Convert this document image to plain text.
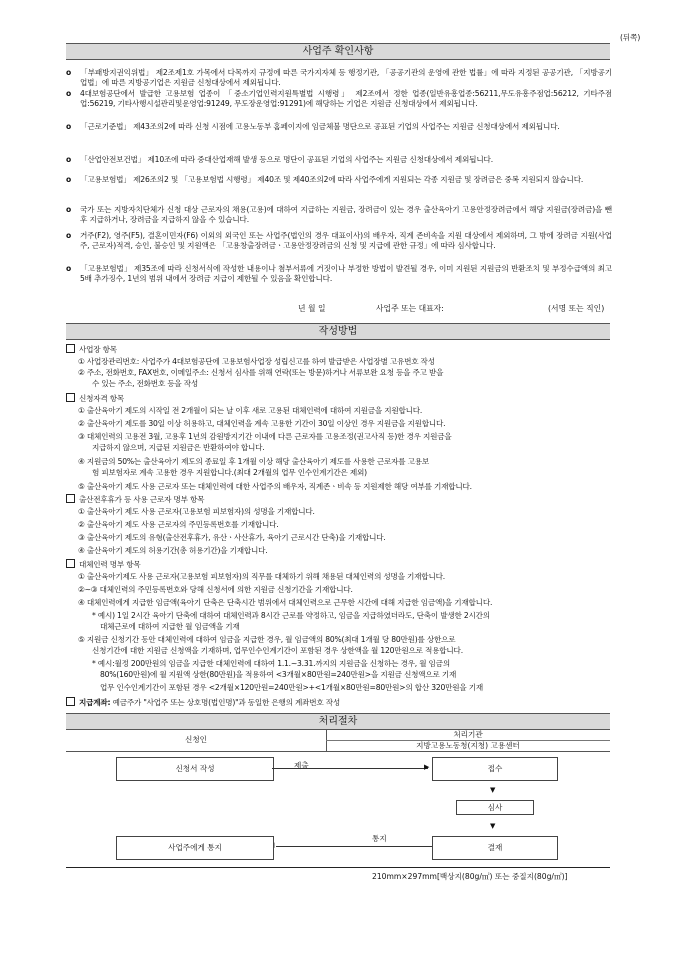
(뒤쪽)
사업주 확인사항
o 「부패방지권익위법」 제2조제1호 가목에서 다목까지 규정에 따른 국가지자체 등 행정기관, 「공공기관의 운영에 관한 법률」에 따라 지정된 공공기관, 「지방공기업법」에 따른 지방공기업은 지원금 신청대상에서 제외됩니다.
o 4대보험공단에서 발급한 고용보험 업종이 「중소기업인력지원특별법 시행령」 제2조에서 정한 업종(일반유흥업종:56211,무도유흥주점업:56212, 기타주점업:56219, 기타사행시설관리및운영업:91249, 무도장운영업:91291)에 해당하는 기업은 지원금 신청대상에서 제외됩니다.
o 「근로기준법」 제43조의2에 따라 신청 시점에 고용노동부 홈페이지에 임금체불 명단으로 공표된 기업의 사업주는 지원금 신청대상에서 제외됩니다.
o 「산업안전보건법」 제10조에 따라 중대산업재해 발생 등으로 명단이 공표된 기업의 사업주는 지원금 신청대상에서 제외됩니다.
o 「고용보험법」 제26조의2 및 「고용보험법 시행령」 제40조 및 제40조의2에 따라 사업주에게 지원되는 각종 지원금 및 장려금은 중복 지원되지 않습니다.
o 국가 또는 지방자치단체가 신청 대상 근로자의 채용(고용)에 대하여 지급하는 지원금, 장려금이 있는 경우 출산육아기 고용안정장려금에서 해당 지원금(장려금)을 뺀 후 지급하거나, 장려금을 지급하지 않을 수 있습니다.
o 거주(F2), 영주(F5), 결혼이민자(F6) 이외의 외국인 또는 사업주(법인의 경우 대표이사)의 배우자, 직계 존비속을 지원 대상에서 제외하며, 그 밖에 장려금 지원(사업주, 근로자)적격, 승인, 불승인 및 지원액은 「고용창출장려금ㆍ고용안정장려금의 신청 및 지급에 관한 규정」에 따라 심사합니다.
o 「고용보험법」 제35조에 따라 신청서식에 작성한 내용이나 첨부서류에 거짓이나 부정한 방법이 발견될 경우, 이미 지원된 지원금의 반환조치 및 부정수급액의 최고 5배 추가징수, 1년의 범위 내에서 장려금 지급이 제한될 수 있음을 확인합니다.
년 월 일	사업주 또는 대표자:	(서명 또는 직인)
작성방법
사업장 항목
① 사업장관리번호: 사업주가 4대보험공단에 고용보험사업장 성립신고를 하여 발급받은 사업장별 고유번호 작성
② 주소, 전화번호, FAX번호, 이메일주소: 신청서 심사를 위해 연락(또는 방문)하거나 서류보완 요청 등을 주고 받을
수 있는 주소, 전화번호 등을 작성
신청자격 항목
① 출산육아기 제도의 시작일 전 2개월이 되는 날 이후 새로 고용된 대체인력에 대하여 지원금을 지원합니다.
② 출산육아기 제도를 30일 이상 허용하고, 대체인력을 계속 고용한 기간이 30일 이상인 경우 지원금을 지원합니다.
③ 대체인력의 고용전 3월, 고용후 1년의 감원방지기간 이내에 다른 근로자를 고용조정(권고사직 등)한 경우 지원금을
지급하지 않으며, 지급된 지원금은 반환하여야 합니다.
④ 지원금의 50%는 출산육아기 제도의 종료일 후 1개월 이상 해당 출산육아기 제도를 사용한 근로자를 고용보
험 피보험자로 계속 고용한 경우 지원합니다.(최대 2개월의 업무 인수인계기간은 제외)
⑤ 출산육아기 제도 사용 근로자 또는 대체인력에 대한 사업주의 배우자, 직계존ㆍ비속 등 지원제한 해당 여부를 기재합니다.
출산전후휴가 등 사용 근로자 명부 항목
① 출산육아기 제도 사용 근로자(고용보험 피보험자)의 성명을 기재합니다.
② 출산육아기 제도 사용 근로자의 주민등록번호를 기재합니다.
③ 출산육아기 제도의 유형(출산전후휴가, 유산ㆍ사산휴가, 육아기 근로시간 단축)을 기재합니다.
④ 출산육아기 제도의 허용기간(총 허용기간)을 기재합니다.
대체인력 명부 항목
① 출산육아기제도 사용 근로자(고용보험 피보험자)의 직무를 대체하기 위해 채용된 대체인력의 성명을 기재합니다.
②~③ 대체인력의 주민등록번호와 당해 신청서에 의한 지원금 신청기간을 기재합니다.
④ 대체인력에게 지급한 임금액(육아기 단축은 단축시간 범위에서 대체인력으로 근무한 시간에 대해 지급한 임금액)을 기재합니다.
* 예시) 1일 2시간 육아기 단축에 대하여 대체인력과 8시간 근로를 약정하고, 임금을 지급하였더라도, 단축이 발생한 2시간의
대체근로에 대하여 지급한 월 임금액을 기재
⑤ 지원금 신청기간 동안 대체인력에 대하여 임금을 지급한 경우, 월 임금액의 80%(최대 1개월 당 80만원)를 상한으로
신청기간에 대한 지원금 신청액을 기재하며, 업무인수인계기간이 포함된 경우 상한액을 월 120만원으로 적용합니다.
* 예시:월정 200만원의 임금을 지급한 대체인력에 대하여 1.1.~3.31.까지의 지원금을 신청하는 경우, 월 임금의
80%(160만원)에 월 지원액 상한(80만원)을 적용하여 <3개월×80만원=240만원>을 지원금 신청액으로 기재
업무 인수인계기간이 포함된 경우 <2개월×120만원=240만원>+<1개월×80만원=80만원>의 합산 320만원을 기재
지급계좌: 예금주가 "사업주 또는 상호명(법인명)"과 동일한 은행의 계좌번호 작성
처리절차
신청인
처리기관
지방고용노동청(지청) 고용센터
신청서 작성	제출	▶	접수
▼
심사
▼
결재
통지
사업주에게 통지
210mm×297mm[백상지(80g/㎡) 또는 중질지(80g/㎡)]
